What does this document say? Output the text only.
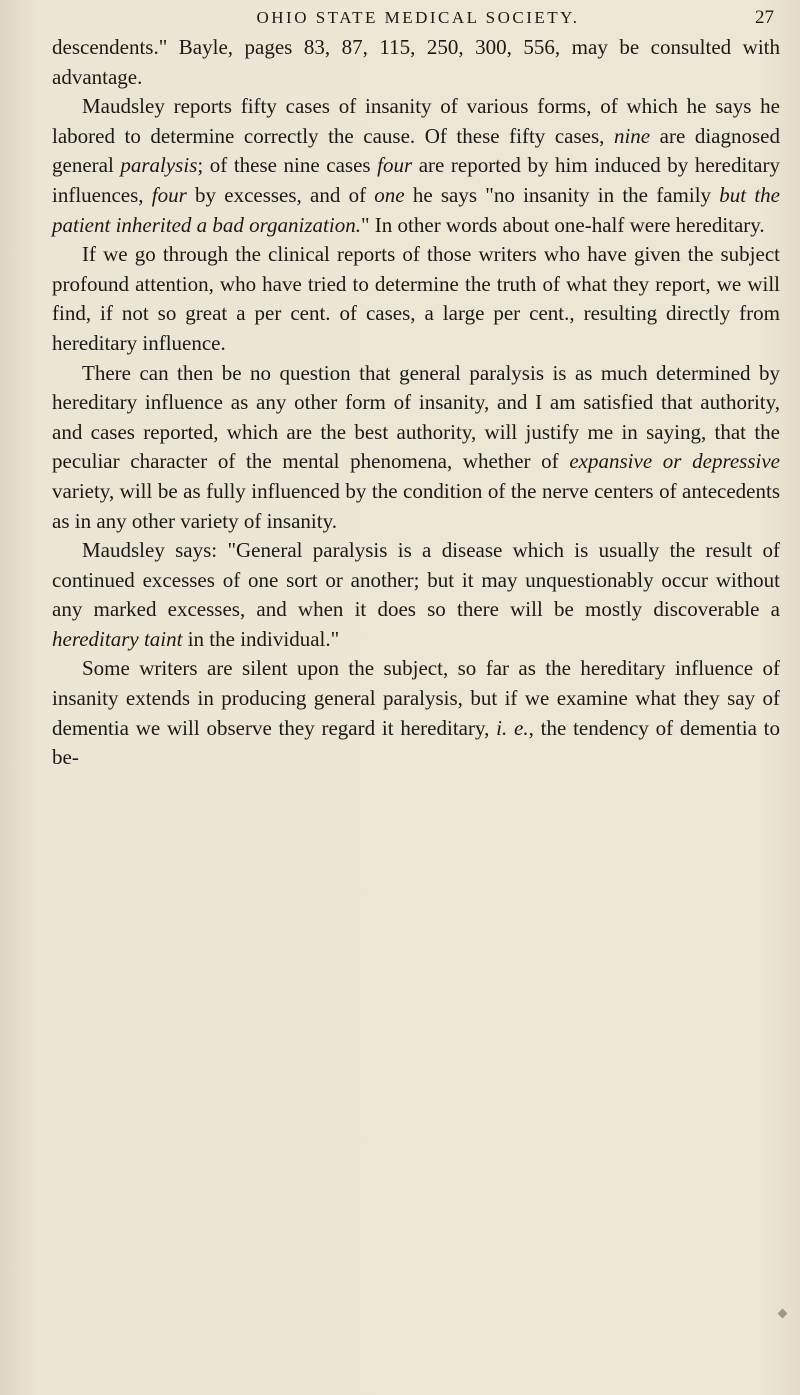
OHIO STATE MEDICAL SOCIETY.	27

descendents." Bayle, pages 83, 87, 115, 250, 300, 556, may be consulted with advantage.

Maudsley reports fifty cases of insanity of various forms, of which he says he labored to determine correctly the cause. Of these fifty cases, nine are diagnosed general paralysis; of these nine cases four are reported by him induced by hereditary influences, four by excesses, and of one he says "no insanity in the family but the patient inherited a bad organization." In other words about one-half were hereditary.

If we go through the clinical reports of those writers who have given the subject profound attention, who have tried to determine the truth of what they report, we will find, if not so great a per cent. of cases, a large per cent., resulting directly from hereditary influence.

There can then be no question that general paralysis is as much determined by hereditary influence as any other form of insanity, and I am satisfied that authority, and cases reported, which are the best authority, will justify me in saying, that the peculiar character of the mental phenomena, whether of expansive or depressive variety, will be as fully influenced by the condition of the nerve centers of antecedents as in any other variety of insanity.

Maudsley says: "General paralysis is a disease which is usually the result of continued excesses of one sort or another; but it may unquestionably occur without any marked excesses, and when it does so there will be mostly discoverable a hereditary taint in the individual."

Some writers are silent upon the subject, so far as the hereditary influence of insanity extends in producing general paralysis, but if we examine what they say of dementia we will observe they regard it hereditary, i. e., the tendency of dementia to be-
